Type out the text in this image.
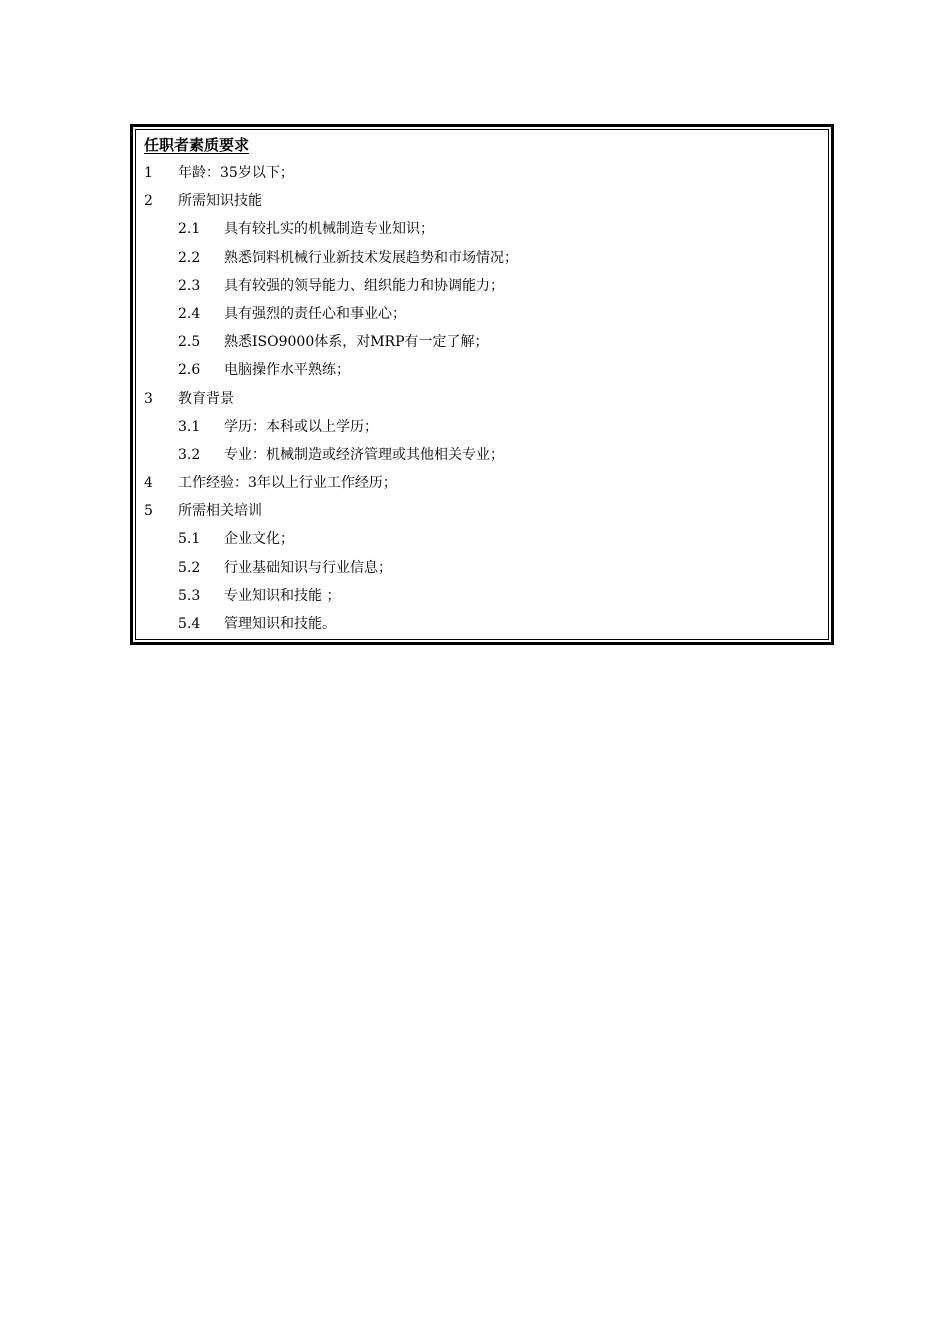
任职者素质要求
1	年龄：35岁以下；
2	所需知识技能
2.1	具有较扎实的机械制造专业知识；
2.2	熟悉饲料机械行业新技术发展趋势和市场情况；
2.3	具有较强的领导能力、组织能力和协调能力；
2.4	具有强烈的责任心和事业心；
2.5	熟悉ISO9000体系，对MRP有一定了解；
2.6	电脑操作水平熟练；
3	教育背景
3.1	学历：本科或以上学历；
3.2	专业：机械制造或经济管理或其他相关专业；
4	工作经验：3年以上行业工作经历；
5	所需相关培训
5.1	企业文化；
5.2	行业基础知识与行业信息；
5.3	专业知识和技能 ；
5.4	管理知识和技能。
